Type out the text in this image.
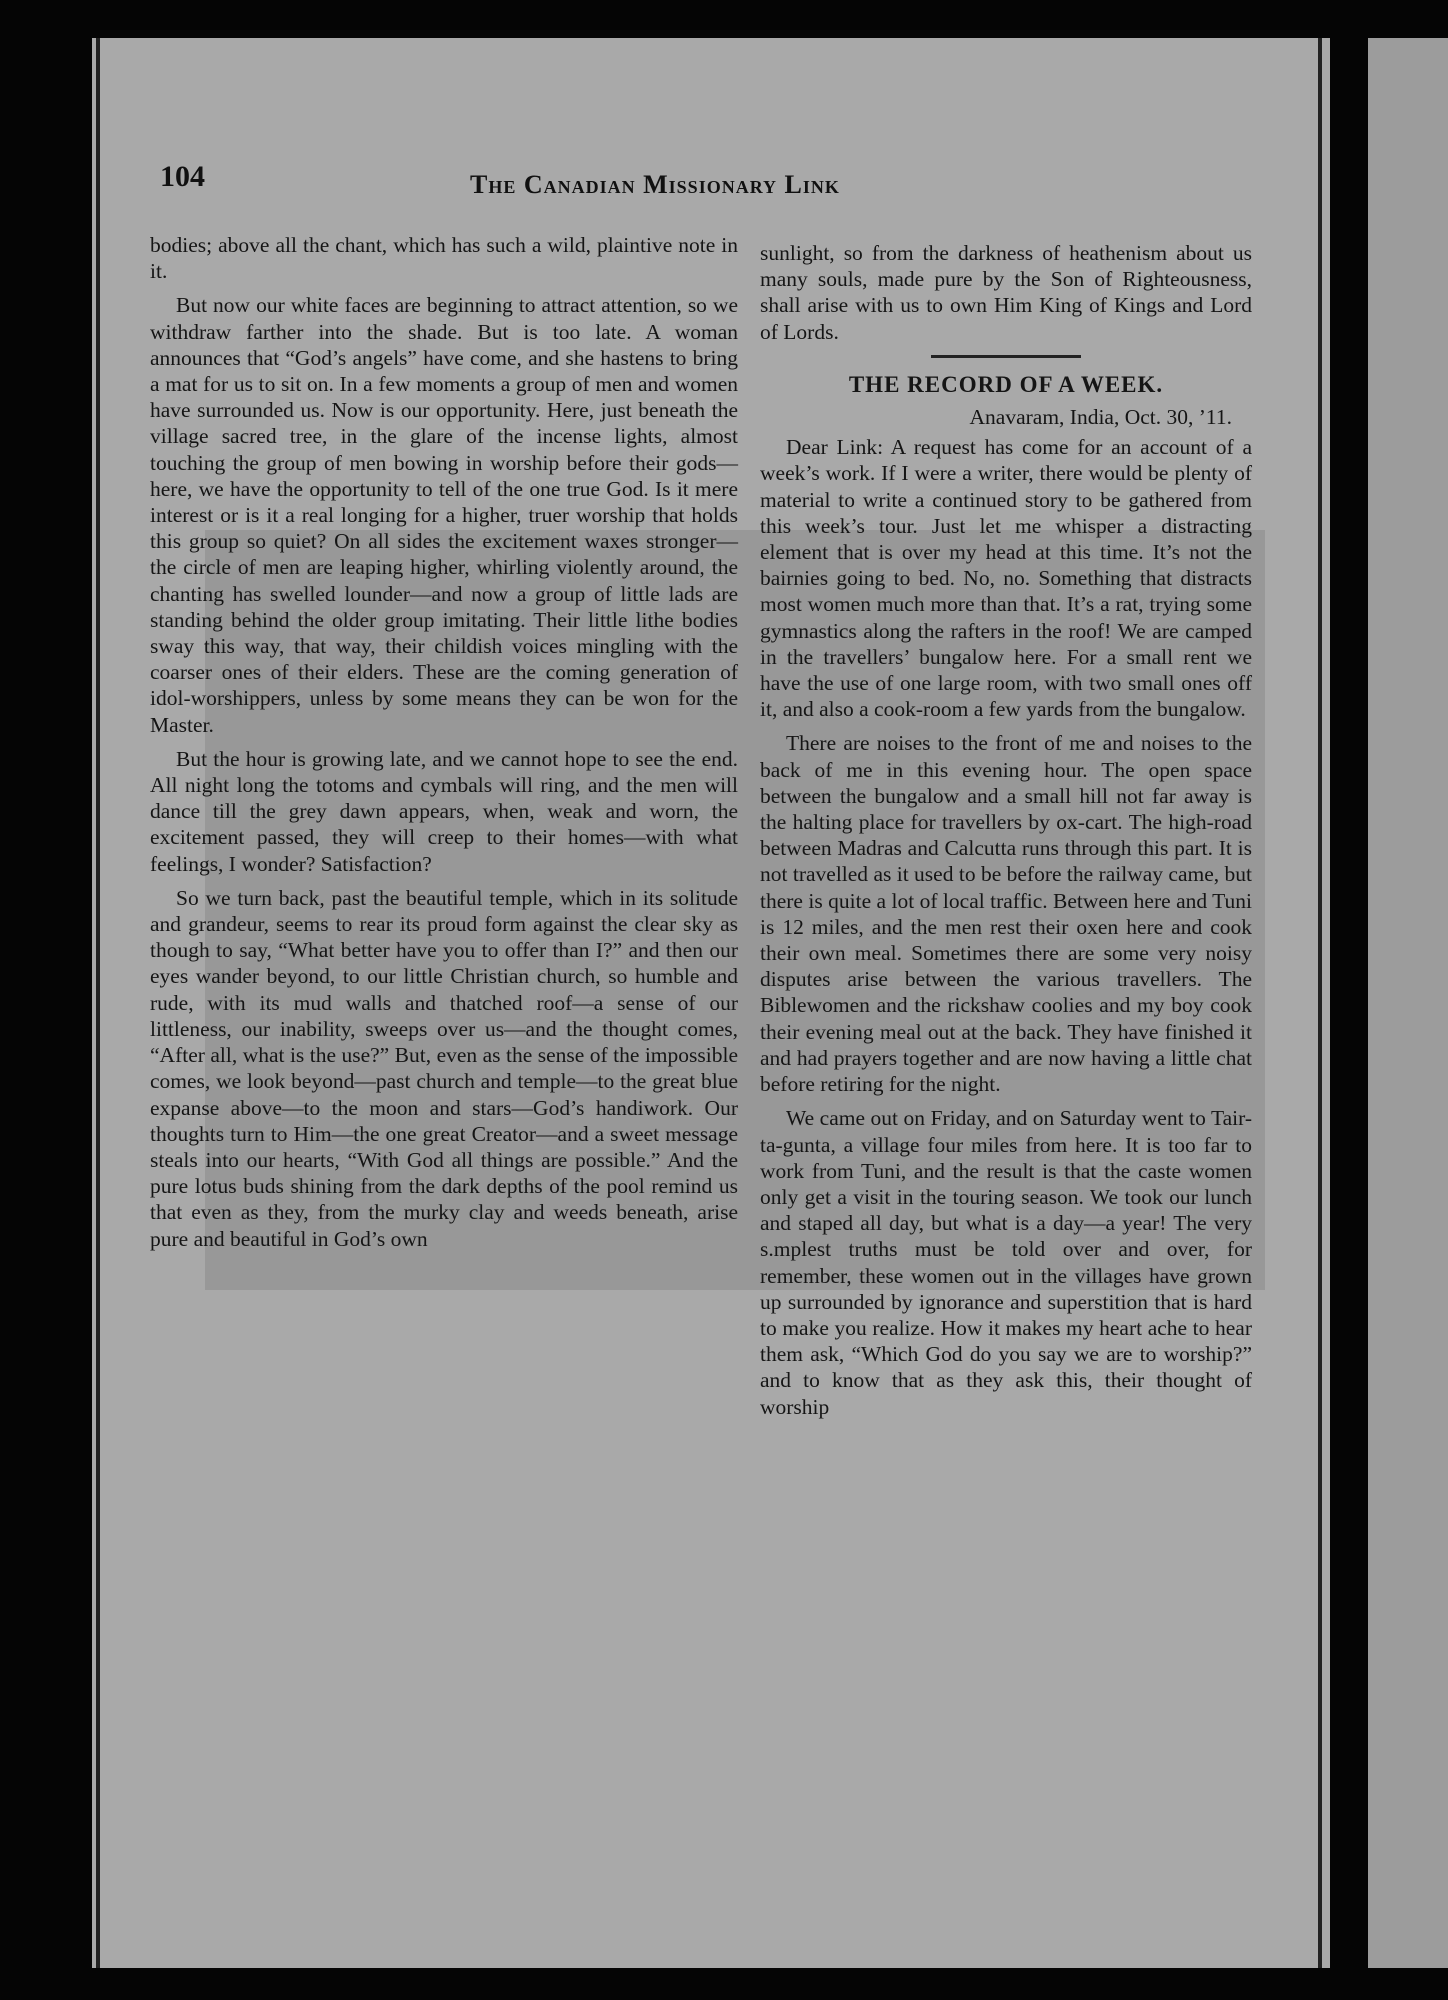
104	The Canadian Missionary Link

bodies; above all the chant, which has such a wild, plaintive note in it.

But now our white faces are beginning to attract attention, so we withdraw farther into the shade. But is too late. A woman announces that “God’s angels” have come, and she hastens to bring a mat for us to sit on. In a few moments a group of men and women have surrounded us. Now is our opportunity. Here, just beneath the village sacred tree, in the glare of the incense lights, almost touching the group of men bowing in worship before their gods—here, we have the opportunity to tell of the one true God. Is it mere interest or is it a real longing for a higher, truer worship that holds this group so quiet? On all sides the excitement waxes stronger—the circle of men are leaping higher, whirling violently around, the chanting has swelled lounder—and now a group of little lads are standing behind the older group imitating. Their little lithe bodies sway this way, that way, their childish voices mingling with the coarser ones of their elders. These are the coming generation of idol-worshippers, unless by some means they can be won for the Master.

But the hour is growing late, and we cannot hope to see the end. All night long the totoms and cymbals will ring, and the men will dance till the grey dawn appears, when, weak and worn, the excitement passed, they will creep to their homes—with what feelings, I wonder? Satisfaction?

So we turn back, past the beautiful temple, which in its solitude and grandeur, seems to rear its proud form against the clear sky as though to say, “What better have you to offer than I?” and then our eyes wander beyond, to our little Christian church, so humble and rude, with its mud walls and thatched roof—a sense of our littleness, our inability, sweeps over us—and the thought comes, “After all, what is the use?” But, even as the sense of the impossible comes, we look beyond—past church and temple—to the great blue expanse above—to the moon and stars—God’s handiwork. Our thoughts turn to Him—the one great Creator—and a sweet message steals into our hearts, “With God all things are possible.” And the pure lotus buds shining from the dark depths of the pool remind us that even as they, from the murky clay and weeds beneath, arise pure and beautiful in God’s own

sunlight, so from the darkness of heathenism about us many souls, made pure by the Son of Righteousness, shall arise with us to own Him King of Kings and Lord of Lords.

THE RECORD OF A WEEK.
Anavaram, India, Oct. 30, ’11.

Dear Link: A request has come for an account of a week’s work. If I were a writer, there would be plenty of material to write a continued story to be gathered from this week’s tour. Just let me whisper a distracting element that is over my head at this time. It’s not the bairnies going to bed. No, no. Something that distracts most women much more than that. It’s a rat, trying some gymnastics along the rafters in the roof! We are camped in the travellers’ bungalow here. For a small rent we have the use of one large room, with two small ones off it, and also a cook-room a few yards from the bungalow.

There are noises to the front of me and noises to the back of me in this evening hour. The open space between the bungalow and a small hill not far away is the halting place for travellers by ox-cart. The high-road between Madras and Calcutta runs through this part. It is not travelled as it used to be before the railway came, but there is quite a lot of local traffic. Between here and Tuni is 12 miles, and the men rest their oxen here and cook their own meal. Sometimes there are some very noisy disputes arise between the various travellers. The Biblewomen and the rickshaw coolies and my boy cook their evening meal out at the back. They have finished it and had prayers together and are now having a little chat before retiring for the night.

We came out on Friday, and on Saturday went to Tair-ta-gunta, a village four miles from here. It is too far to work from Tuni, and the result is that the caste women only get a visit in the touring season. We took our lunch and staped all day, but what is a day—a year! The very s.mplest truths must be told over and over, for remember, these women out in the villages have grown up surrounded by ignorance and superstition that is hard to make you realize. How it makes my heart ache to hear them ask, “Which God do you say we are to worship?” and to know that as they ask this, their thought of worship
